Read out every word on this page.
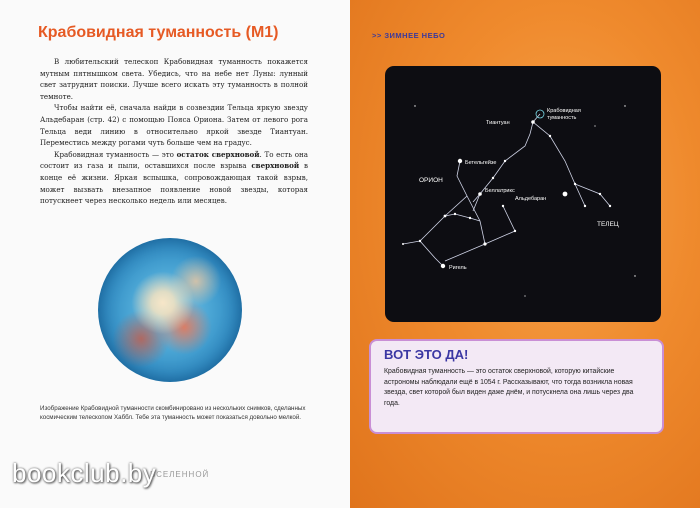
Крабовидная туманность (М1)

В любительский телескоп Крабовидная туманность покажется мутным пятнышком света. Убедись, что на небе нет Луны: лунный свет затруднит поиски. Лучше всего искать эту туманность в полной темноте.

Чтобы найти её, сначала найди в созвездии Тельца яркую звезду Альдебаран (стр. 42) с помощью Пояса Ориона. Затем от левого рога Тельца веди линию в относительно яркой звезде Тиантуан. Переместись между рогами чуть больше чем на градус.

Крабовидная туманность — это остаток сверхновой. То есть она состоит из газа и пыли, оставшихся после взрыва сверхновой в конце её жизни. Яркая вспышка, сопровождающая такой взрыв, может вызвать внезапное появление новой звезды, которая потускнеет через несколько недель или месяцев.

Изображение Крабовидной туманности скомбинировано из нескольких снимков, сделанных космическим телескопом Хаббл. Тебе эта туманность может показаться довольно мелкой.

ВСЕЛЕННОЙ
bookclub.by
>> ЗИМНЕЕ НЕБО
Тиантуан
Крабовидная
туманность
Бетельгейзе
ОРИОН
Беллатрикс
Альдебаран
ТЕЛЕЦ
Ригель
ВОТ ЭТО ДА!

Крабовидная туманность — это остаток сверхновой, которую китайские астрономы наблюдали ещё в 1054 г. Рассказывают, что тогда возникла новая звезда, свет которой был виден даже днём, и потускнела она лишь через два года.
